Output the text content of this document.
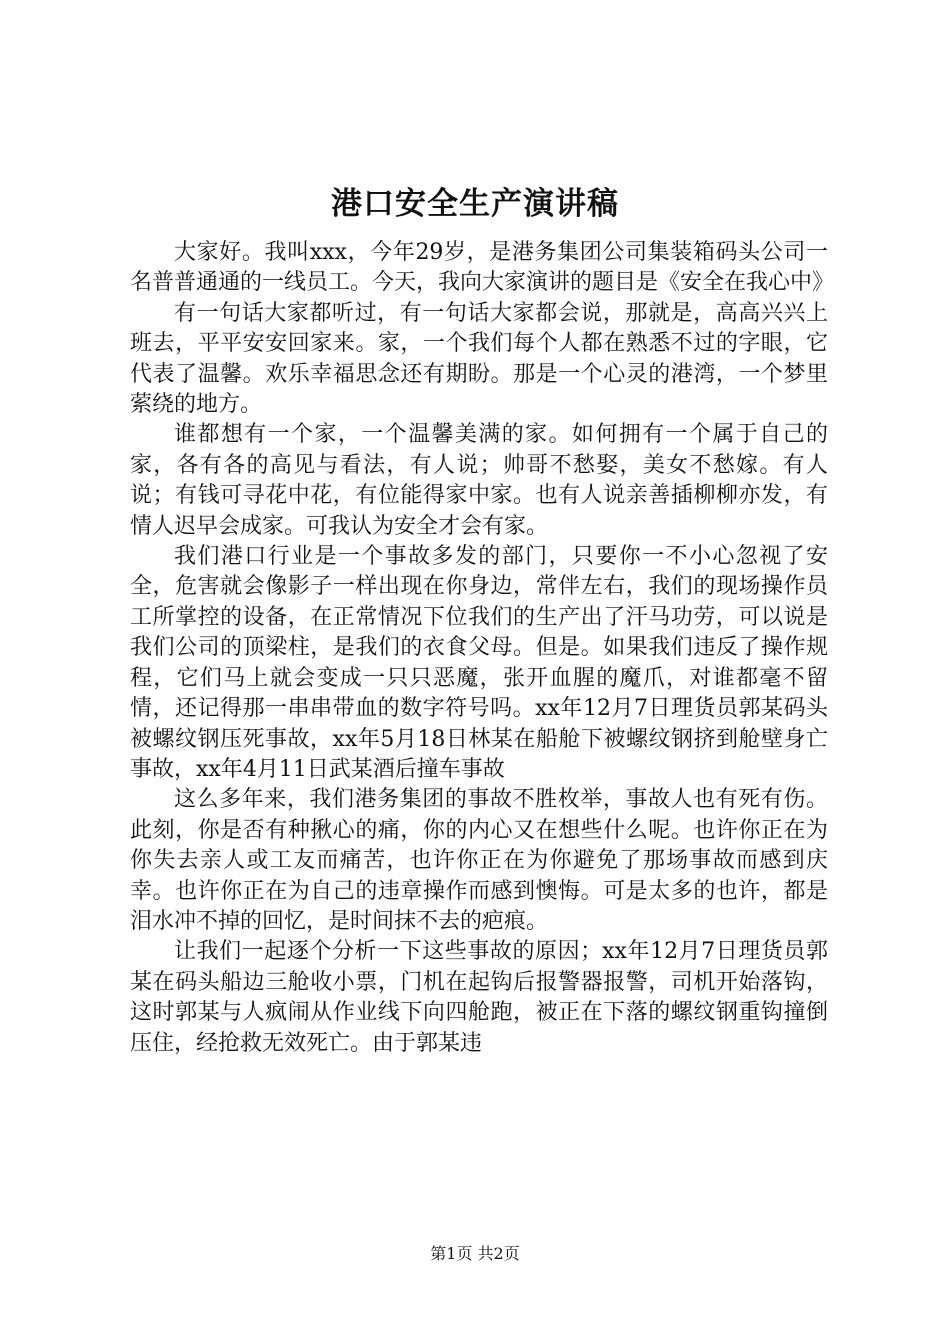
港口安全生产演讲稿

大家好。我叫xxx，今年29岁，是港务集团公司集装箱码头公司一名普普通通的一线员工。今天，我向大家演讲的题目是《安全在我心中》

有一句话大家都听过，有一句话大家都会说，那就是，高高兴兴上班去，平平安安回家来。家，一个我们每个人都在熟悉不过的字眼，它代表了温馨。欢乐幸福思念还有期盼。那是一个心灵的港湾，一个梦里萦绕的地方。

谁都想有一个家，一个温馨美满的家。如何拥有一个属于自己的家，各有各的高见与看法，有人说；帅哥不愁娶，美女不愁嫁。有人说；有钱可寻花中花，有位能得家中家。也有人说亲善插柳柳亦发，有情人迟早会成家。可我认为安全才会有家。

我们港口行业是一个事故多发的部门，只要你一不小心忽视了安全，危害就会像影子一样出现在你身边，常伴左右，我们的现场操作员工所掌控的设备，在正常情况下位我们的生产出了汗马功劳，可以说是我们公司的顶梁柱，是我们的衣食父母。但是。如果我们违反了操作规程，它们马上就会变成一只只恶魔，张开血腥的魔爪，对谁都毫不留情，还记得那一串串带血的数字符号吗。xx年12月7日理货员郭某码头被螺纹钢压死事故，xx年5月18日林某在船舱下被螺纹钢挤到舱壁身亡事故，xx年4月11日武某酒后撞车事故

这么多年来，我们港务集团的事故不胜枚举，事故人也有死有伤。此刻，你是否有种揪心的痛，你的内心又在想些什么呢。也许你正在为你失去亲人或工友而痛苦，也许你正在为你避免了那场事故而感到庆幸。也许你正在为自己的违章操作而感到懊悔。可是太多的也许，都是泪水冲不掉的回忆，是时间抹不去的疤痕。

让我们一起逐个分析一下这些事故的原因；xx年12月7日理货员郭某在码头船边三舱收小票，门机在起钩后报警器报警，司机开始落钩，这时郭某与人疯闹从作业线下向四舱跑，被正在下落的螺纹钢重钩撞倒压住，经抢救无效死亡。由于郭某违

第1页 共2页
